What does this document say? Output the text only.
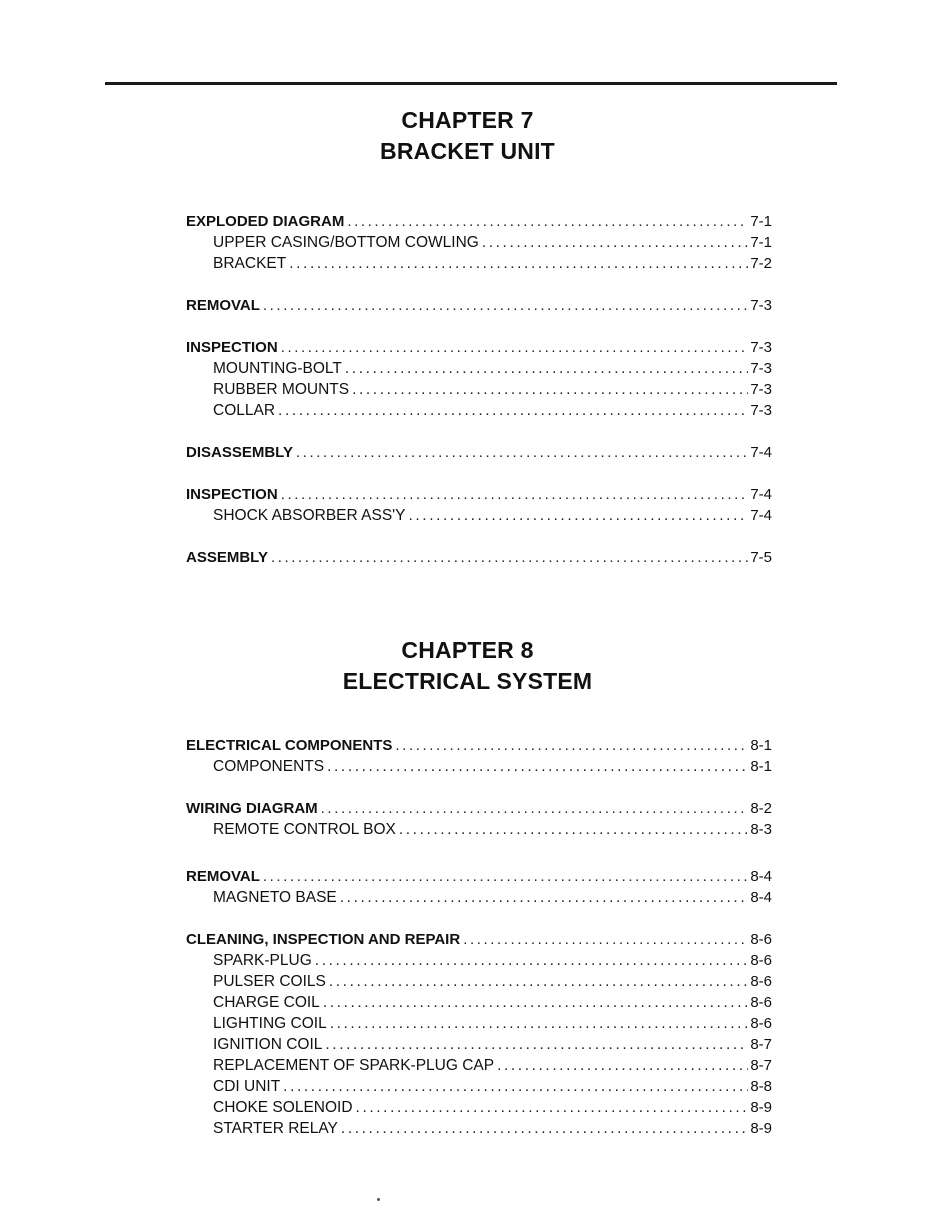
CHAPTER 7
BRACKET UNIT
EXPLODED DIAGRAM .....	7-1
UPPER CASING/BOTTOM COWLING .....	7-1
BRACKET .....	7-2
REMOVAL .....	7-3
INSPECTION .....	7-3
MOUNTING-BOLT .....	7-3
RUBBER MOUNTS .....	7-3
COLLAR .....	7-3
DISASSEMBLY .....	7-4
INSPECTION .....	7-4
SHOCK ABSORBER ASS'Y .....	7-4
ASSEMBLY .....	7-5
CHAPTER 8
ELECTRICAL SYSTEM
ELECTRICAL COMPONENTS .....	8-1
COMPONENTS .....	8-1
WIRING DIAGRAM .....	8-2
REMOTE CONTROL BOX .....	8-3
REMOVAL .....	8-4
MAGNETO BASE .....	8-4
CLEANING, INSPECTION AND REPAIR .....	8-6
SPARK-PLUG .....	8-6
PULSER COILS .....	8-6
CHARGE COIL .....	8-6
LIGHTING COIL .....	8-6
IGNITION COIL .....	8-7
REPLACEMENT OF SPARK-PLUG CAP .....	8-7
CDI UNIT .....	8-8
CHOKE SOLENOID .....	8-9
STARTER RELAY .....	8-9
